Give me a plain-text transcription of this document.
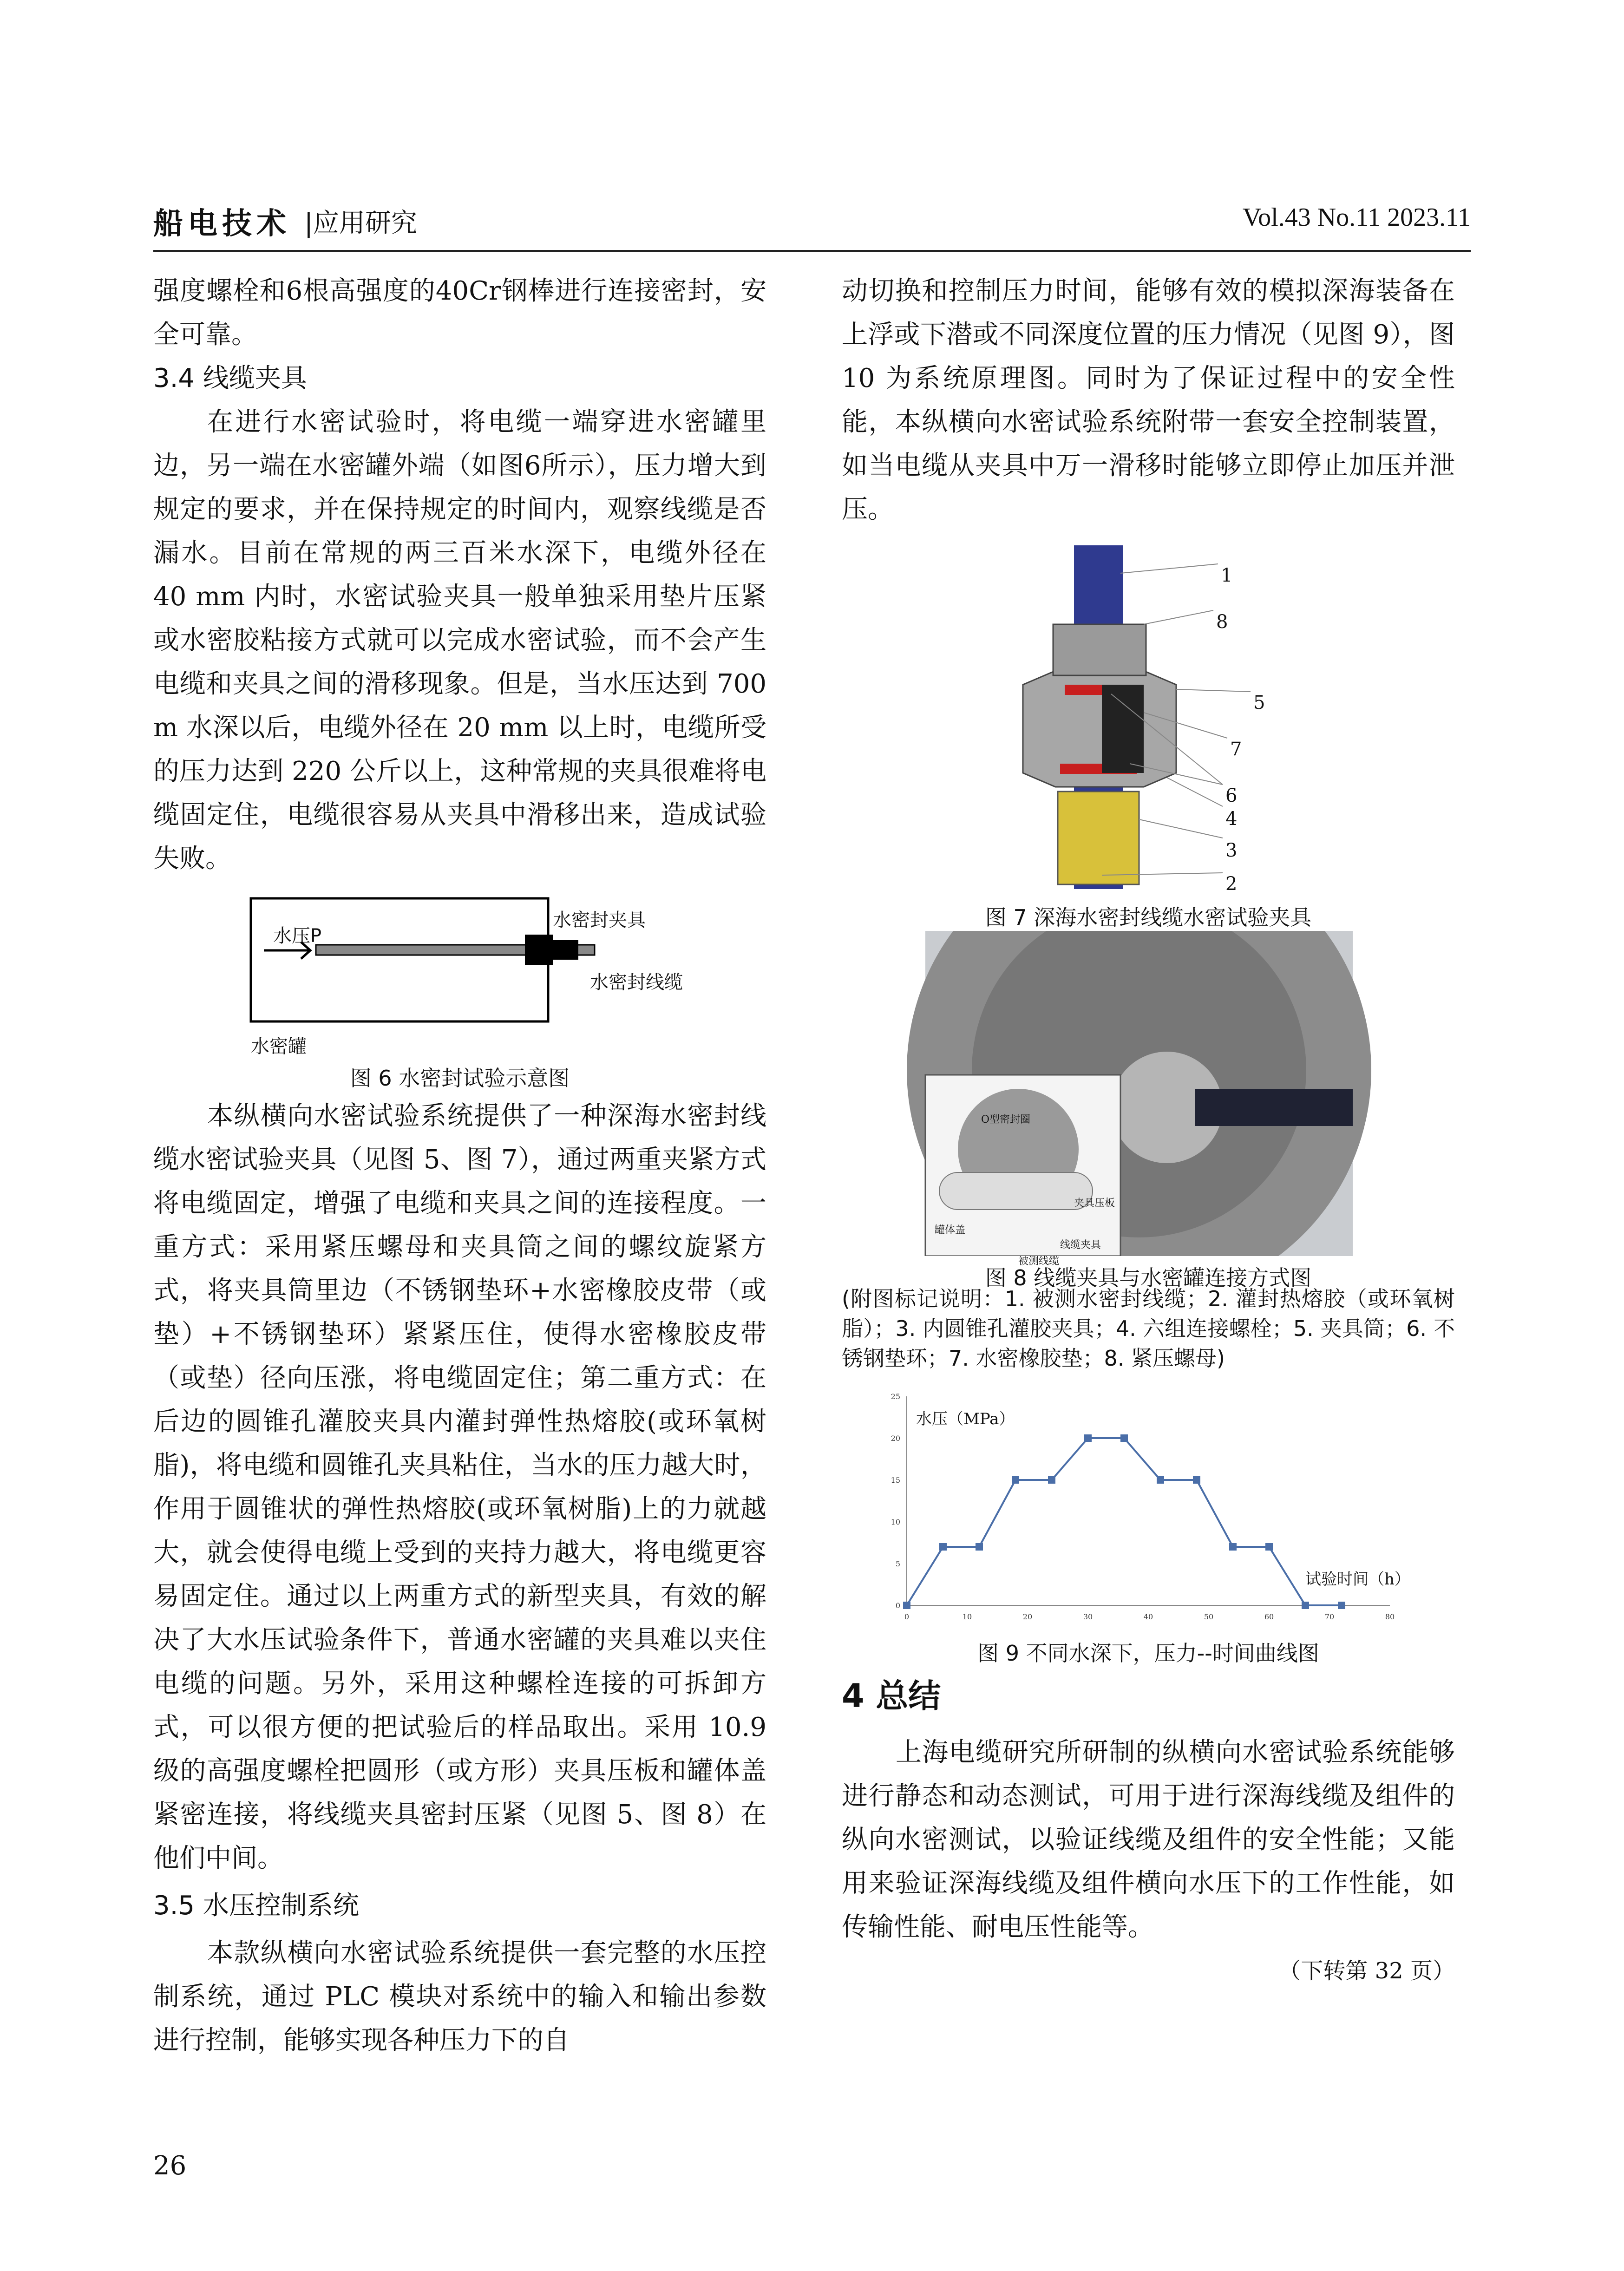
船电技术 |应用研究	Vol.43 No.11 2023.11

强度螺栓和6根高强度的40Cr钢棒进行连接密封，安全可靠。

3.4 线缆夹具

在进行水密试验时，将电缆一端穿进水密罐里边，另一端在水密罐外端（如图6所示），压力增大到规定的要求，并在保持规定的时间内，观察线缆是否漏水。目前在常规的两三百米水深下，电缆外径在 40 mm 内时，水密试验夹具一般单独采用垫片压紧或水密胶粘接方式就可以完成水密试验，而不会产生电缆和夹具之间的滑移现象。但是，当水压达到 700 m 水深以后，电缆外径在 20 mm 以上时，电缆所受的压力达到 220 公斤以上，这种常规的夹具很难将电缆固定住，电缆很容易从夹具中滑移出来，造成试验失败。

水压P
水密封夹具
水密封线缆
水密罐
图 6 水密封试验示意图

本纵横向水密试验系统提供了一种深海水密封线缆水密试验夹具（见图 5、图 7），通过两重夹紧方式将电缆固定，增强了电缆和夹具之间的连接程度。一重方式：采用紧压螺母和夹具筒之间的螺纹旋紧方式，将夹具筒里边（不锈钢垫环+水密橡胶皮带（或垫）+不锈钢垫环）紧紧压住，使得水密橡胶皮带（或垫）径向压涨，将电缆固定住；第二重方式：在后边的圆锥孔灌胶夹具内灌封弹性热熔胶(或环氧树脂)，将电缆和圆锥孔夹具粘住，当水的压力越大时，作用于圆锥状的弹性热熔胶(或环氧树脂)上的力就越大，就会使得电缆上受到的夹持力越大，将电缆更容易固定住。通过以上两重方式的新型夹具，有效的解决了大水压试验条件下，普通水密罐的夹具难以夹住电缆的问题。另外，采用这种螺栓连接的可拆卸方式，可以很方便的把试验后的样品取出。采用 10.9 级的高强度螺栓把圆形（或方形）夹具压板和罐体盖紧密连接，将线缆夹具密封压紧（见图 5、图 8）在他们中间。

3.5 水压控制系统

本款纵横向水密试验系统提供一套完整的水压控制系统，通过 PLC 模块对系统中的输入和输出参数进行控制，能够实现各种压力下的自

动切换和控制压力时间，能够有效的模拟深海装备在上浮或下潜或不同深度位置的压力情况（见图 9），图 10 为系统原理图。同时为了保证过程中的安全性能，本纵横向水密试验系统附带一套安全控制装置，如当电缆从夹具中万一滑移时能够立即停止加压并泄压。

1
8
5
7
6
4
3
2
图 7 深海水密封线缆水密试验夹具
罐体盖
夹具压板
线缆夹具
被测线缆
O型密封圈
图 8 线缆夹具与水密罐连接方式图

(附图标记说明：1. 被测水密封线缆；2. 灌封热熔胶（或环氧树脂）；3. 内圆锥孔灌胶夹具；4. 六组连接螺栓；5. 夹具筒；6. 不锈钢垫环；7. 水密橡胶垫；8. 紧压螺母)

0	10	20	30	40	50	60	70	80
0
5
10
15
20
25
水压（MPa）
试验时间（h）
图 9 不同水深下，压力--时间曲线图

4 总结

上海电缆研究所研制的纵横向水密试验系统能够进行静态和动态测试，可用于进行深海线缆及组件的纵向水密测试，以验证线缆及组件的安全性能；又能用来验证深海线缆及组件横向水压下的工作性能，如传输性能、耐电压性能等。

（下转第 32 页）

26
